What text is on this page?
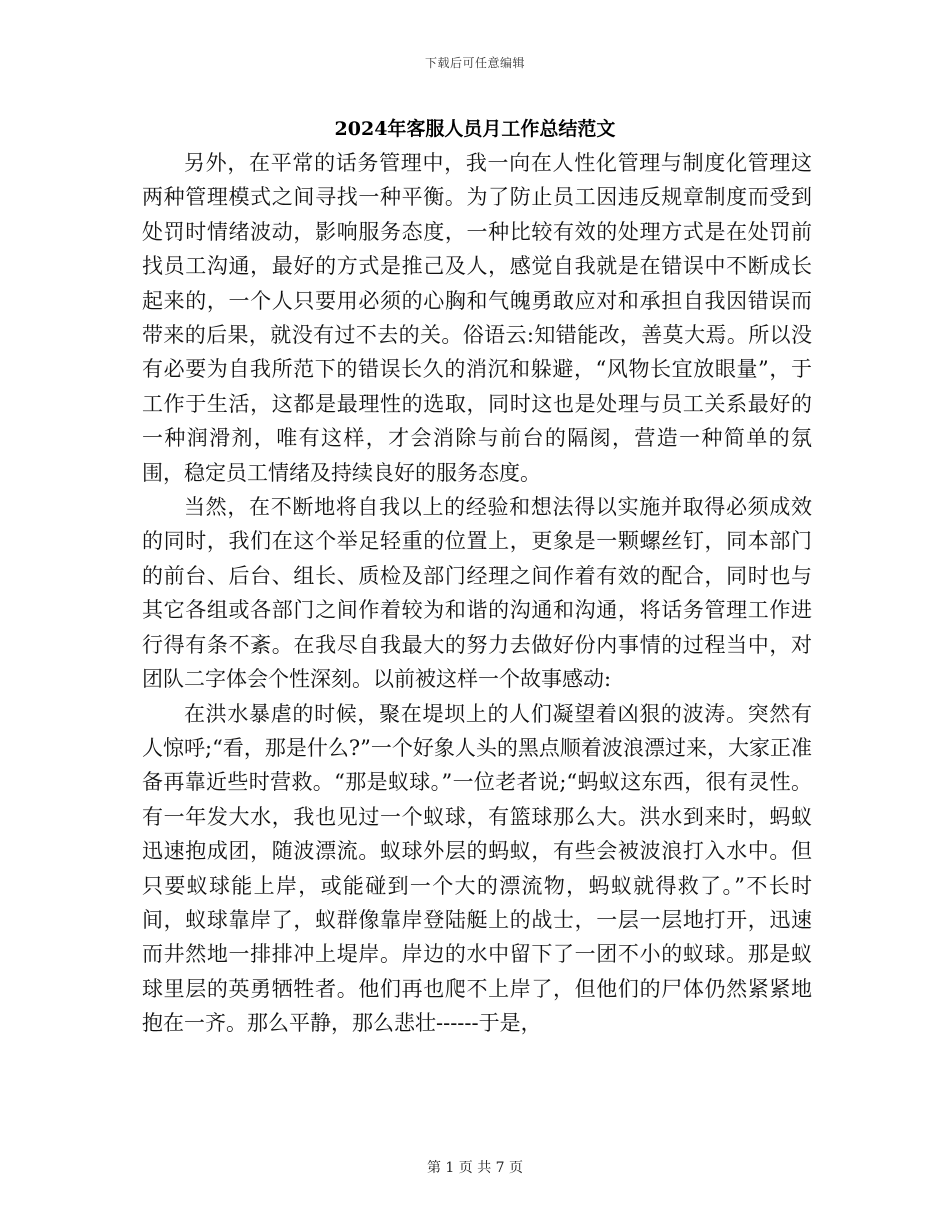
下载后可任意编辑
2024年客服人员月工作总结范文

另外，在平常的话务管理中，我一向在人性化管理与制度化管理这两种管理模式之间寻找一种平衡。为了防止员工因违反规章制度而受到处罚时情绪波动，影响服务态度，一种比较有效的处理方式是在处罚前找员工沟通，最好的方式是推己及人，感觉自我就是在错误中不断成长起来的，一个人只要用必须的心胸和气魄勇敢应对和承担自我因错误而带来的后果，就没有过不去的关。俗语云:知错能改，善莫大焉。所以没有必要为自我所范下的错误长久的消沉和躲避，“风物长宜放眼量”，于工作于生活，这都是最理性的选取，同时这也是处理与员工关系最好的一种润滑剂，唯有这样，才会消除与前台的隔阂，营造一种简单的氛围，稳定员工情绪及持续良好的服务态度。

当然，在不断地将自我以上的经验和想法得以实施并取得必须成效的同时，我们在这个举足轻重的位置上，更象是一颗螺丝钉，同本部门的前台、后台、组长、质检及部门经理之间作着有效的配合，同时也与其它各组或各部门之间作着较为和谐的沟通和沟通，将话务管理工作进行得有条不紊。在我尽自我最大的努力去做好份内事情的过程当中，对团队二字体会个性深刻。以前被这样一个故事感动:

在洪水暴虐的时候，聚在堤坝上的人们凝望着凶狠的波涛。突然有人惊呼;“看，那是什么?”一个好象人头的黑点顺着波浪漂过来，大家正准备再靠近些时营救。“那是蚁球。”一位老者说;“蚂蚁这东西，很有灵性。有一年发大水，我也见过一个蚁球，有篮球那么大。洪水到来时，蚂蚁迅速抱成团，随波漂流。蚁球外层的蚂蚁，有些会被波浪打入水中。但只要蚁球能上岸，或能碰到一个大的漂流物，蚂蚁就得救了。”不长时间，蚁球靠岸了，蚁群像靠岸登陆艇上的战士，一层一层地打开，迅速而井然地一排排冲上堤岸。岸边的水中留下了一团不小的蚁球。那是蚁球里层的英勇牺牲者。他们再也爬不上岸了，但他们的尸体仍然紧紧地抱在一齐。那么平静，那么悲壮------于是，

第 1 页 共 7 页
